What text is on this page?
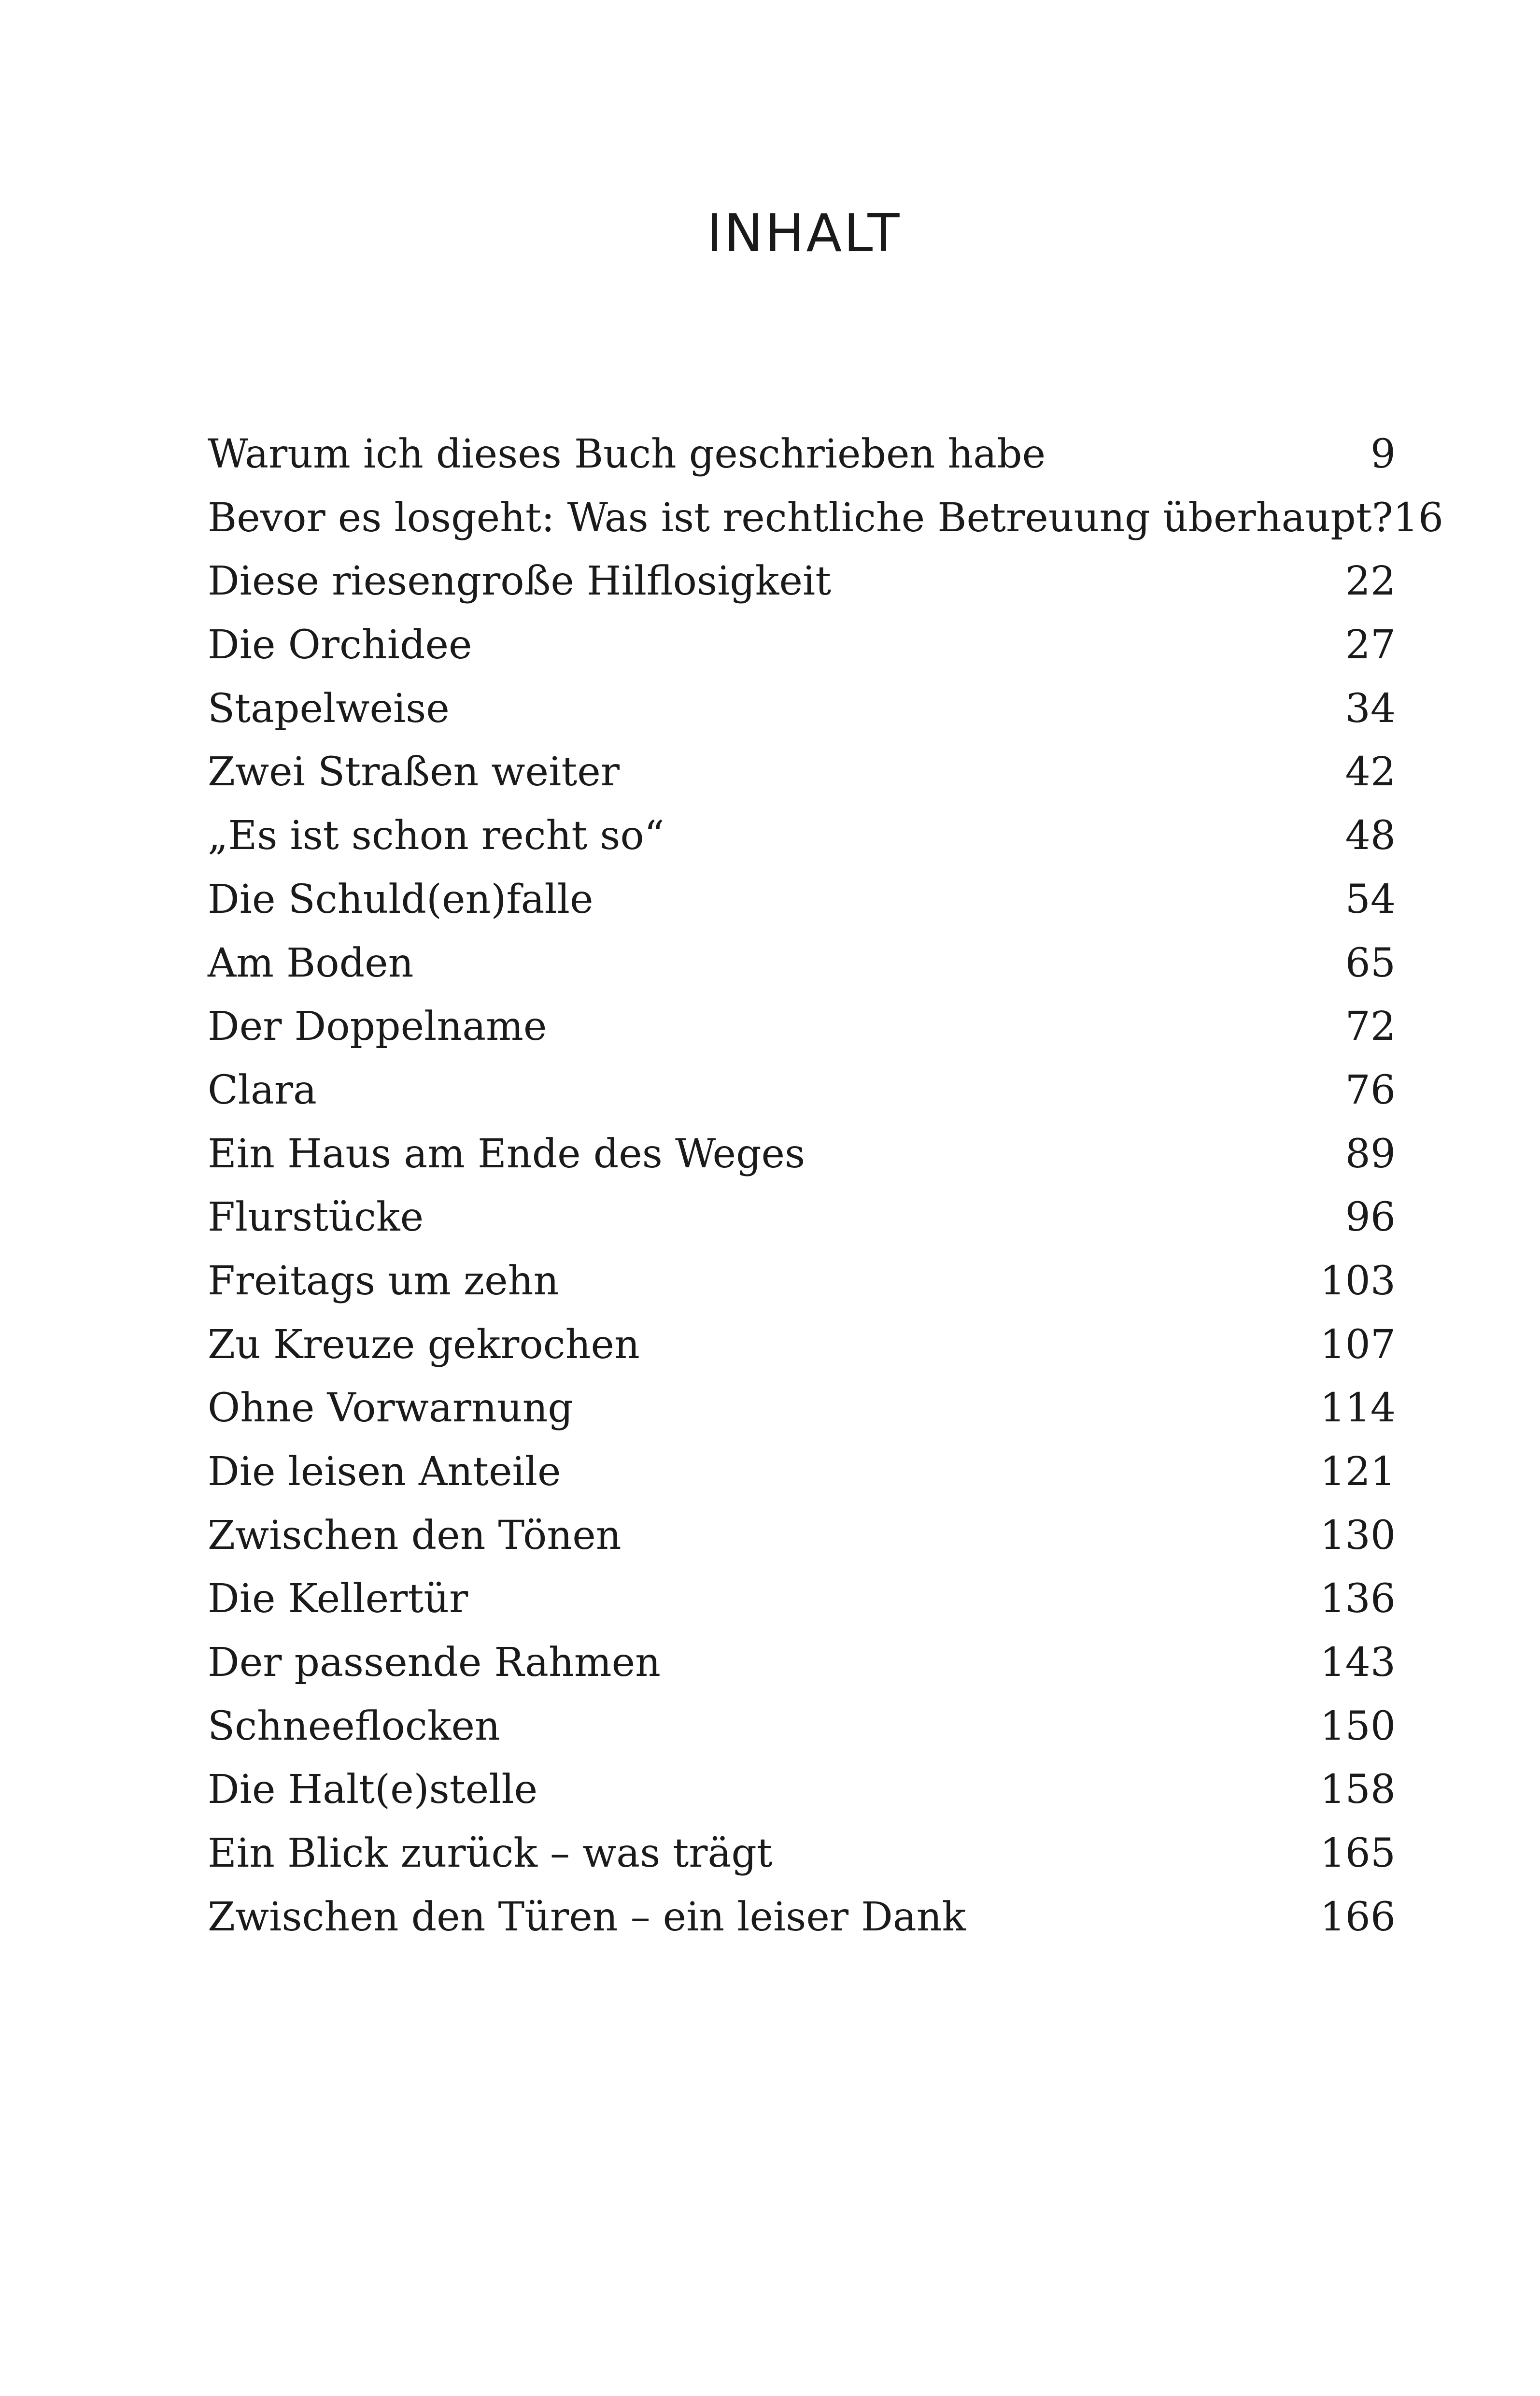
INHALT
Warum ich dieses Buch geschrieben habe	9
Bevor es losgeht: Was ist rechtliche Betreuung überhaupt? 16
Diese riesengroße Hilflosigkeit	22
Die Orchidee	27
Stapelweise	34
Zwei Straßen weiter	42
„Es ist schon recht so“	48
Die Schuld(en)falle	54
Am Boden	65
Der Doppelname	72
Clara	76
Ein Haus am Ende des Weges	89
Flurstücke	96
Freitags um zehn	103
Zu Kreuze gekrochen	107
Ohne Vorwarnung	114
Die leisen Anteile	121
Zwischen den Tönen	130
Die Kellertür	136
Der passende Rahmen	143
Schneeflocken	150
Die Halt(e)stelle	158
Ein Blick zurück – was trägt	165
Zwischen den Türen – ein leiser Dank	166
